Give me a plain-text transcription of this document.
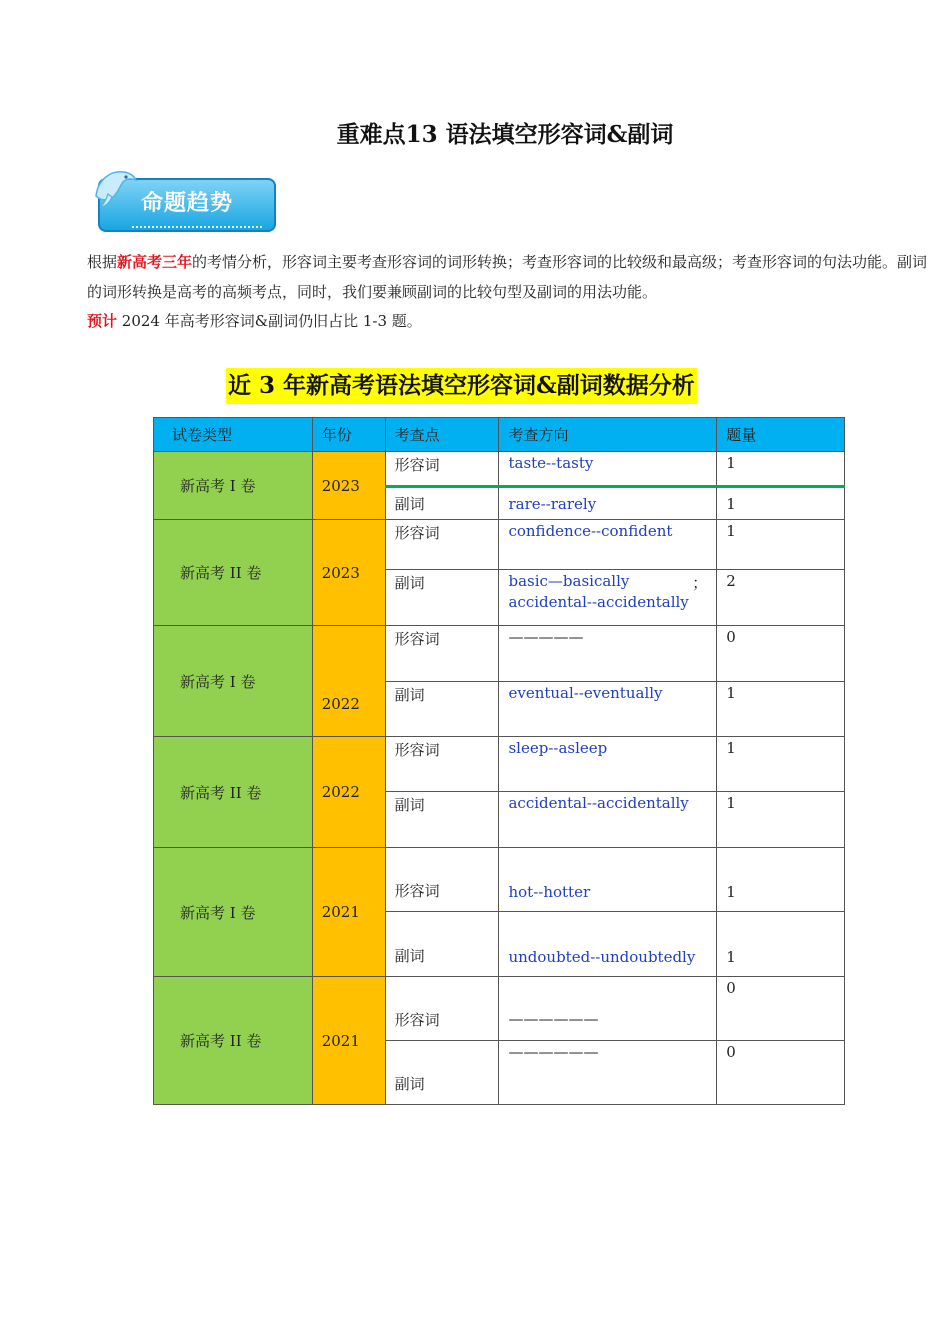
重难点13 语法填空形容词&副词
命题趋势
根据新高考三年的考情分析，形容词主要考查形容词的词形转换；考查形容词的比较级和最高级；考查形容词的句法功能。副词的词形转换是高考的高频考点，同时，我们要兼顾副词的比较句型及副词的用法功能。
预计 2024 年高考形容词&副词仍旧占比 1-3 题。
近 3 年新高考语法填空形容词&副词数据分析
试卷类型	年份	考查点	考查方向	题量
新高考 I 卷	2023	形容词	taste--tasty	1
		副词	rare--rarely	1
新高考 II 卷	2023	形容词	confidence--confident	1
		副词	basic—basically ；
accidental--accidentally	2
新高考 I 卷	2022	形容词	—————	0
		副词	eventual--eventually	1
新高考 II 卷	2022	形容词	sleep--asleep	1
		副词	accidental--accidentally	1
新高考 I 卷	2021	形容词	hot--hotter	1
		副词	undoubted--undoubtedly	1
新高考 II 卷	2021	形容词	——————	0
		副词	——————	0
